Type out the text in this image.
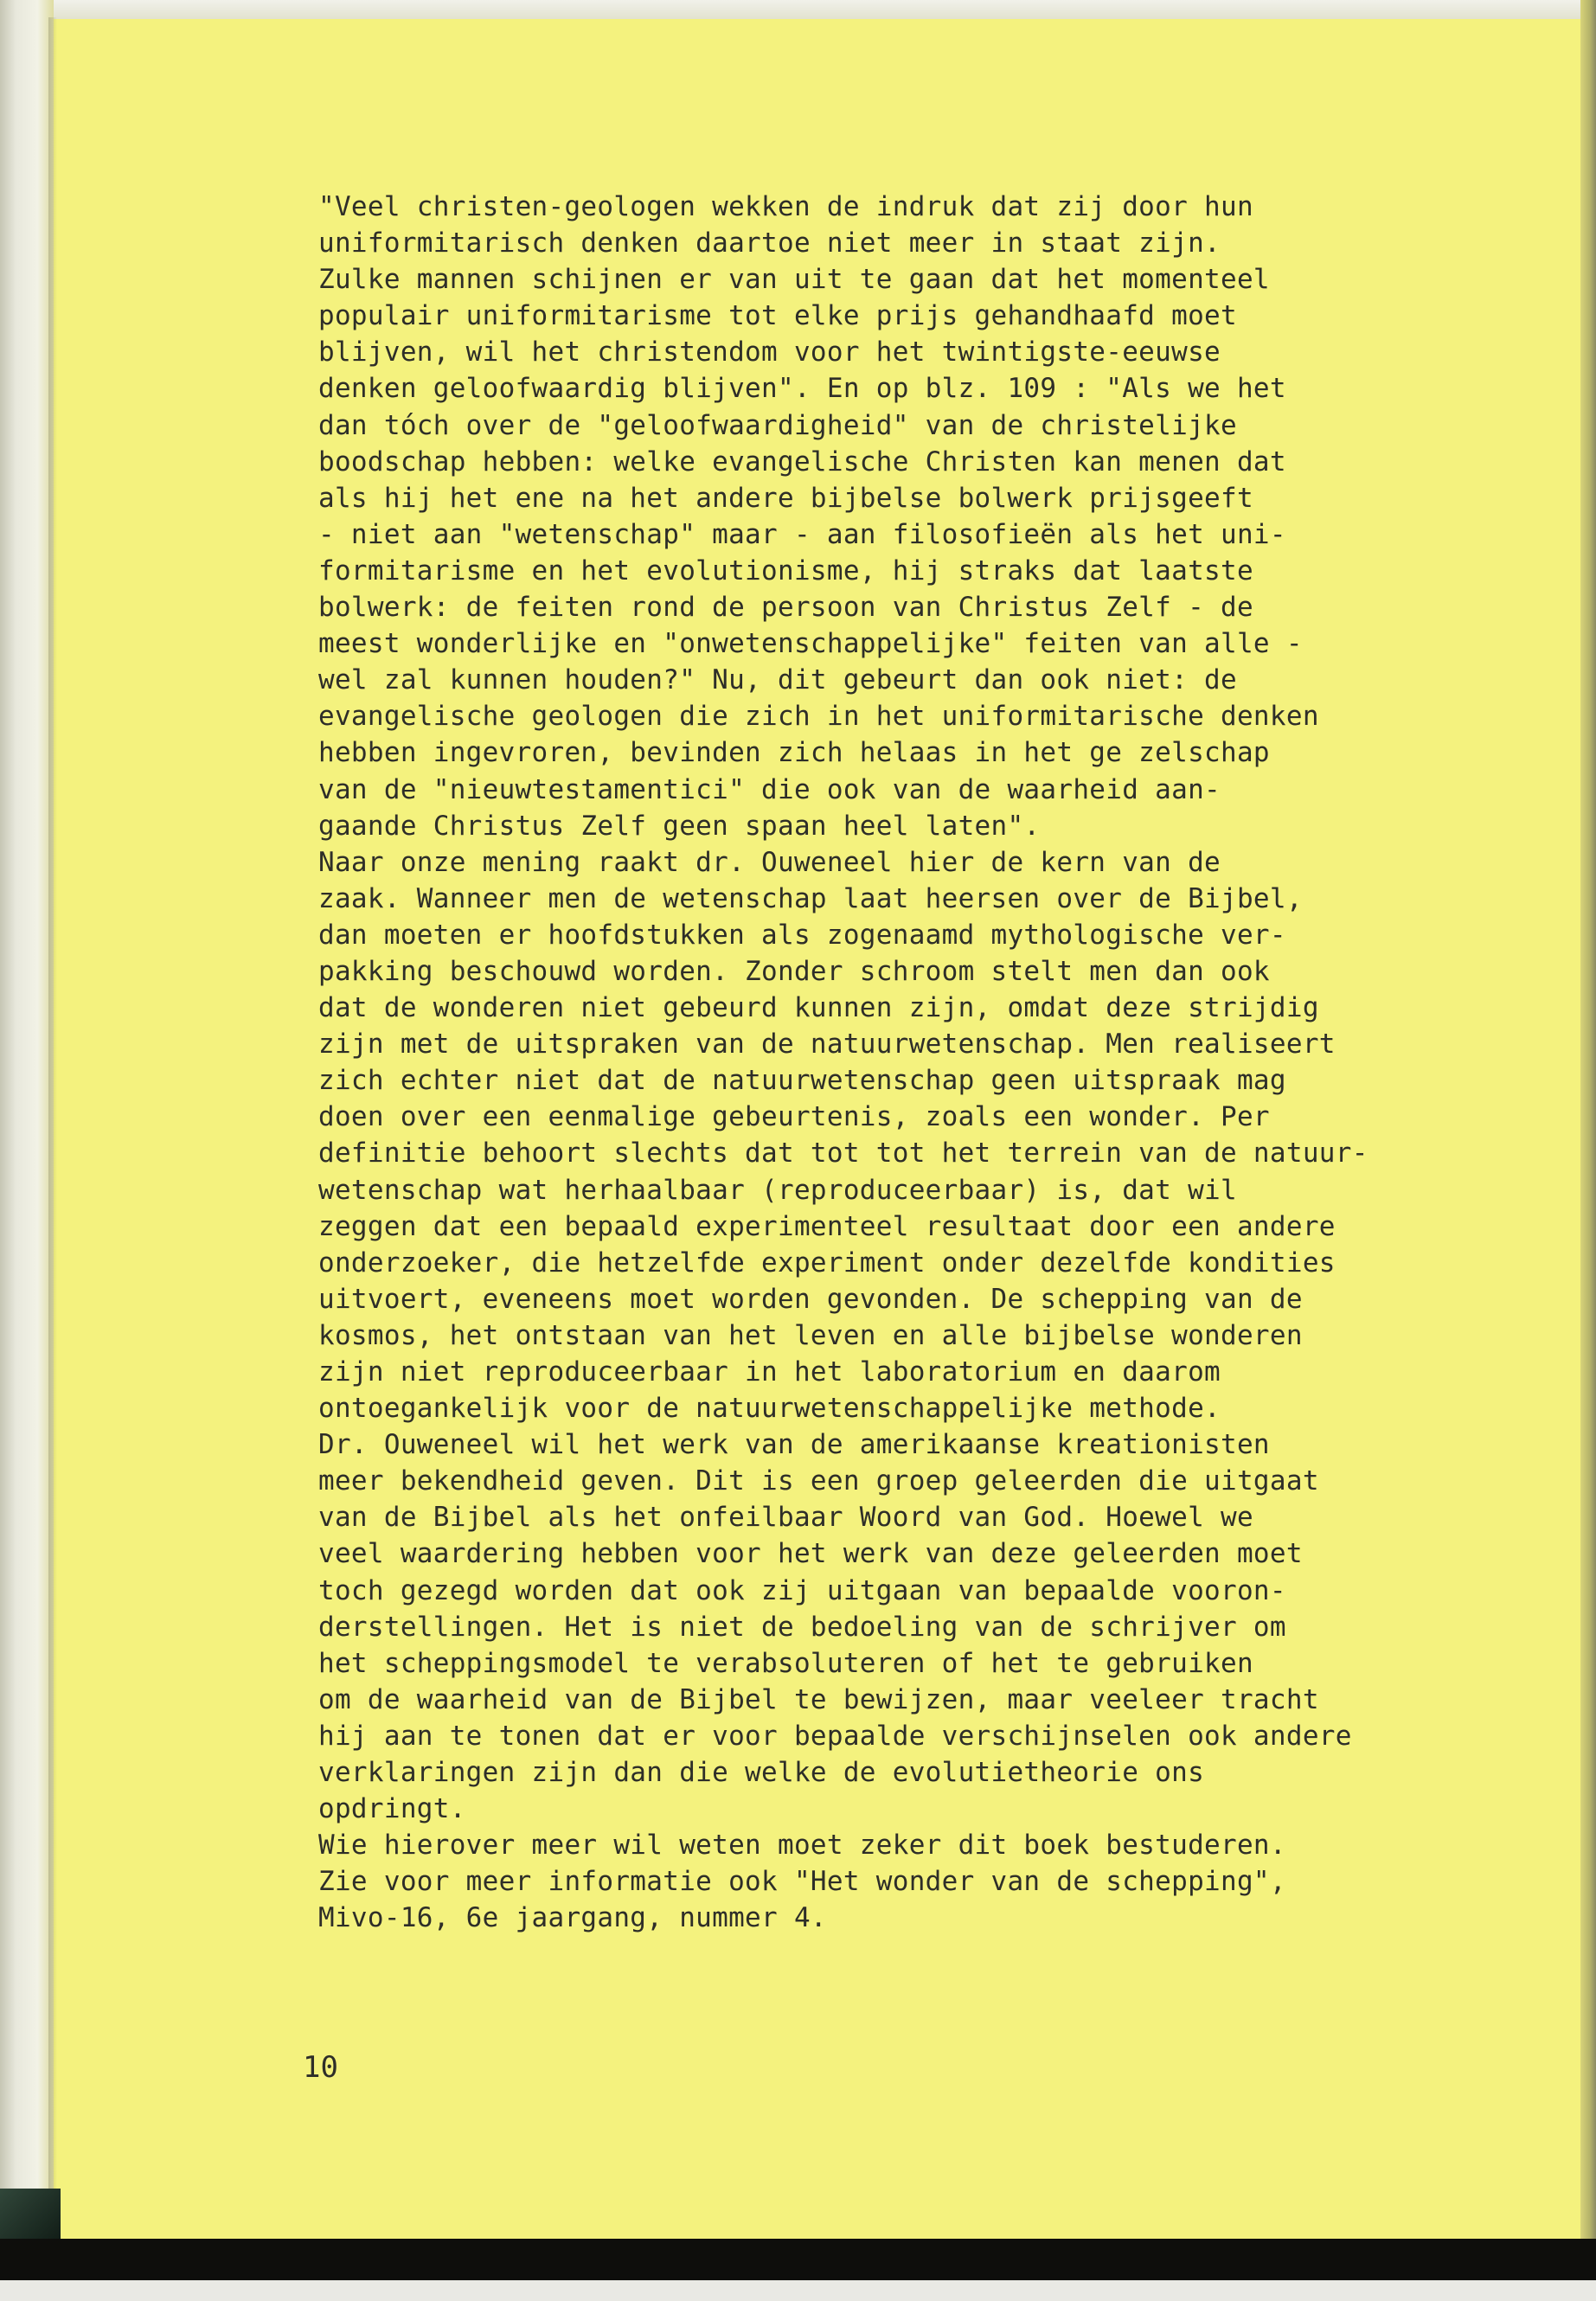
"Veel christen-geologen wekken de indruk dat zij door hun
uniformitarisch denken daartoe niet meer in staat zijn.
Zulke mannen schijnen er van uit te gaan dat het momenteel
populair uniformitarisme tot elke prijs gehandhaafd moet
blijven, wil het christendom voor het twintigste-eeuwse
denken geloofwaardig blijven". En op blz. 109 : "Als we het
dan tóch over de "geloofwaardigheid" van de christelijke
boodschap hebben: welke evangelische Christen kan menen dat
als hij het ene na het andere bijbelse bolwerk prijsgeeft
- niet aan "wetenschap" maar - aan filosofieën als het uni-
formitarisme en het evolutionisme, hij straks dat laatste
bolwerk: de feiten rond de persoon van Christus Zelf - de
meest wonderlijke en "onwetenschappelijke" feiten van alle -
wel zal kunnen houden?" Nu, dit gebeurt dan ook niet: de
evangelische geologen die zich in het uniformitarische denken
hebben ingevroren, bevinden zich helaas in het ge zelschap
van de "nieuwtestamentici" die ook van de waarheid aan-
gaande Christus Zelf geen spaan heel laten".
Naar onze mening raakt dr. Ouweneel hier de kern van de
zaak. Wanneer men de wetenschap laat heersen over de Bijbel,
dan moeten er hoofdstukken als zogenaamd mythologische ver-
pakking beschouwd worden. Zonder schroom stelt men dan ook
dat de wonderen niet gebeurd kunnen zijn, omdat deze strijdig
zijn met de uitspraken van de natuurwetenschap. Men realiseert
zich echter niet dat de natuurwetenschap geen uitspraak mag
doen over een eenmalige gebeurtenis, zoals een wonder. Per
definitie behoort slechts dat tot tot het terrein van de natuur-
wetenschap wat herhaalbaar (reproduceerbaar) is, dat wil
zeggen dat een bepaald experimenteel resultaat door een andere
onderzoeker, die hetzelfde experiment onder dezelfde kondities
uitvoert, eveneens moet worden gevonden. De schepping van de
kosmos, het ontstaan van het leven en alle bijbelse wonderen
zijn niet reproduceerbaar in het laboratorium en daarom
ontoegankelijk voor de natuurwetenschappelijke methode.
Dr. Ouweneel wil het werk van de amerikaanse kreationisten
meer bekendheid geven. Dit is een groep geleerden die uitgaat
van de Bijbel als het onfeilbaar Woord van God. Hoewel we
veel waardering hebben voor het werk van deze geleerden moet
toch gezegd worden dat ook zij uitgaan van bepaalde vooron-
derstellingen. Het is niet de bedoeling van de schrijver om
het scheppingsmodel te verabsoluteren of het te gebruiken
om de waarheid van de Bijbel te bewijzen, maar veeleer tracht
hij aan te tonen dat er voor bepaalde verschijnselen ook andere
verklaringen zijn dan die welke de evolutietheorie ons
opdringt.
Wie hierover meer wil weten moet zeker dit boek bestuderen.
Zie voor meer informatie ook "Het wonder van de schepping",
Mivo-16, 6e jaargang, nummer 4.
10
